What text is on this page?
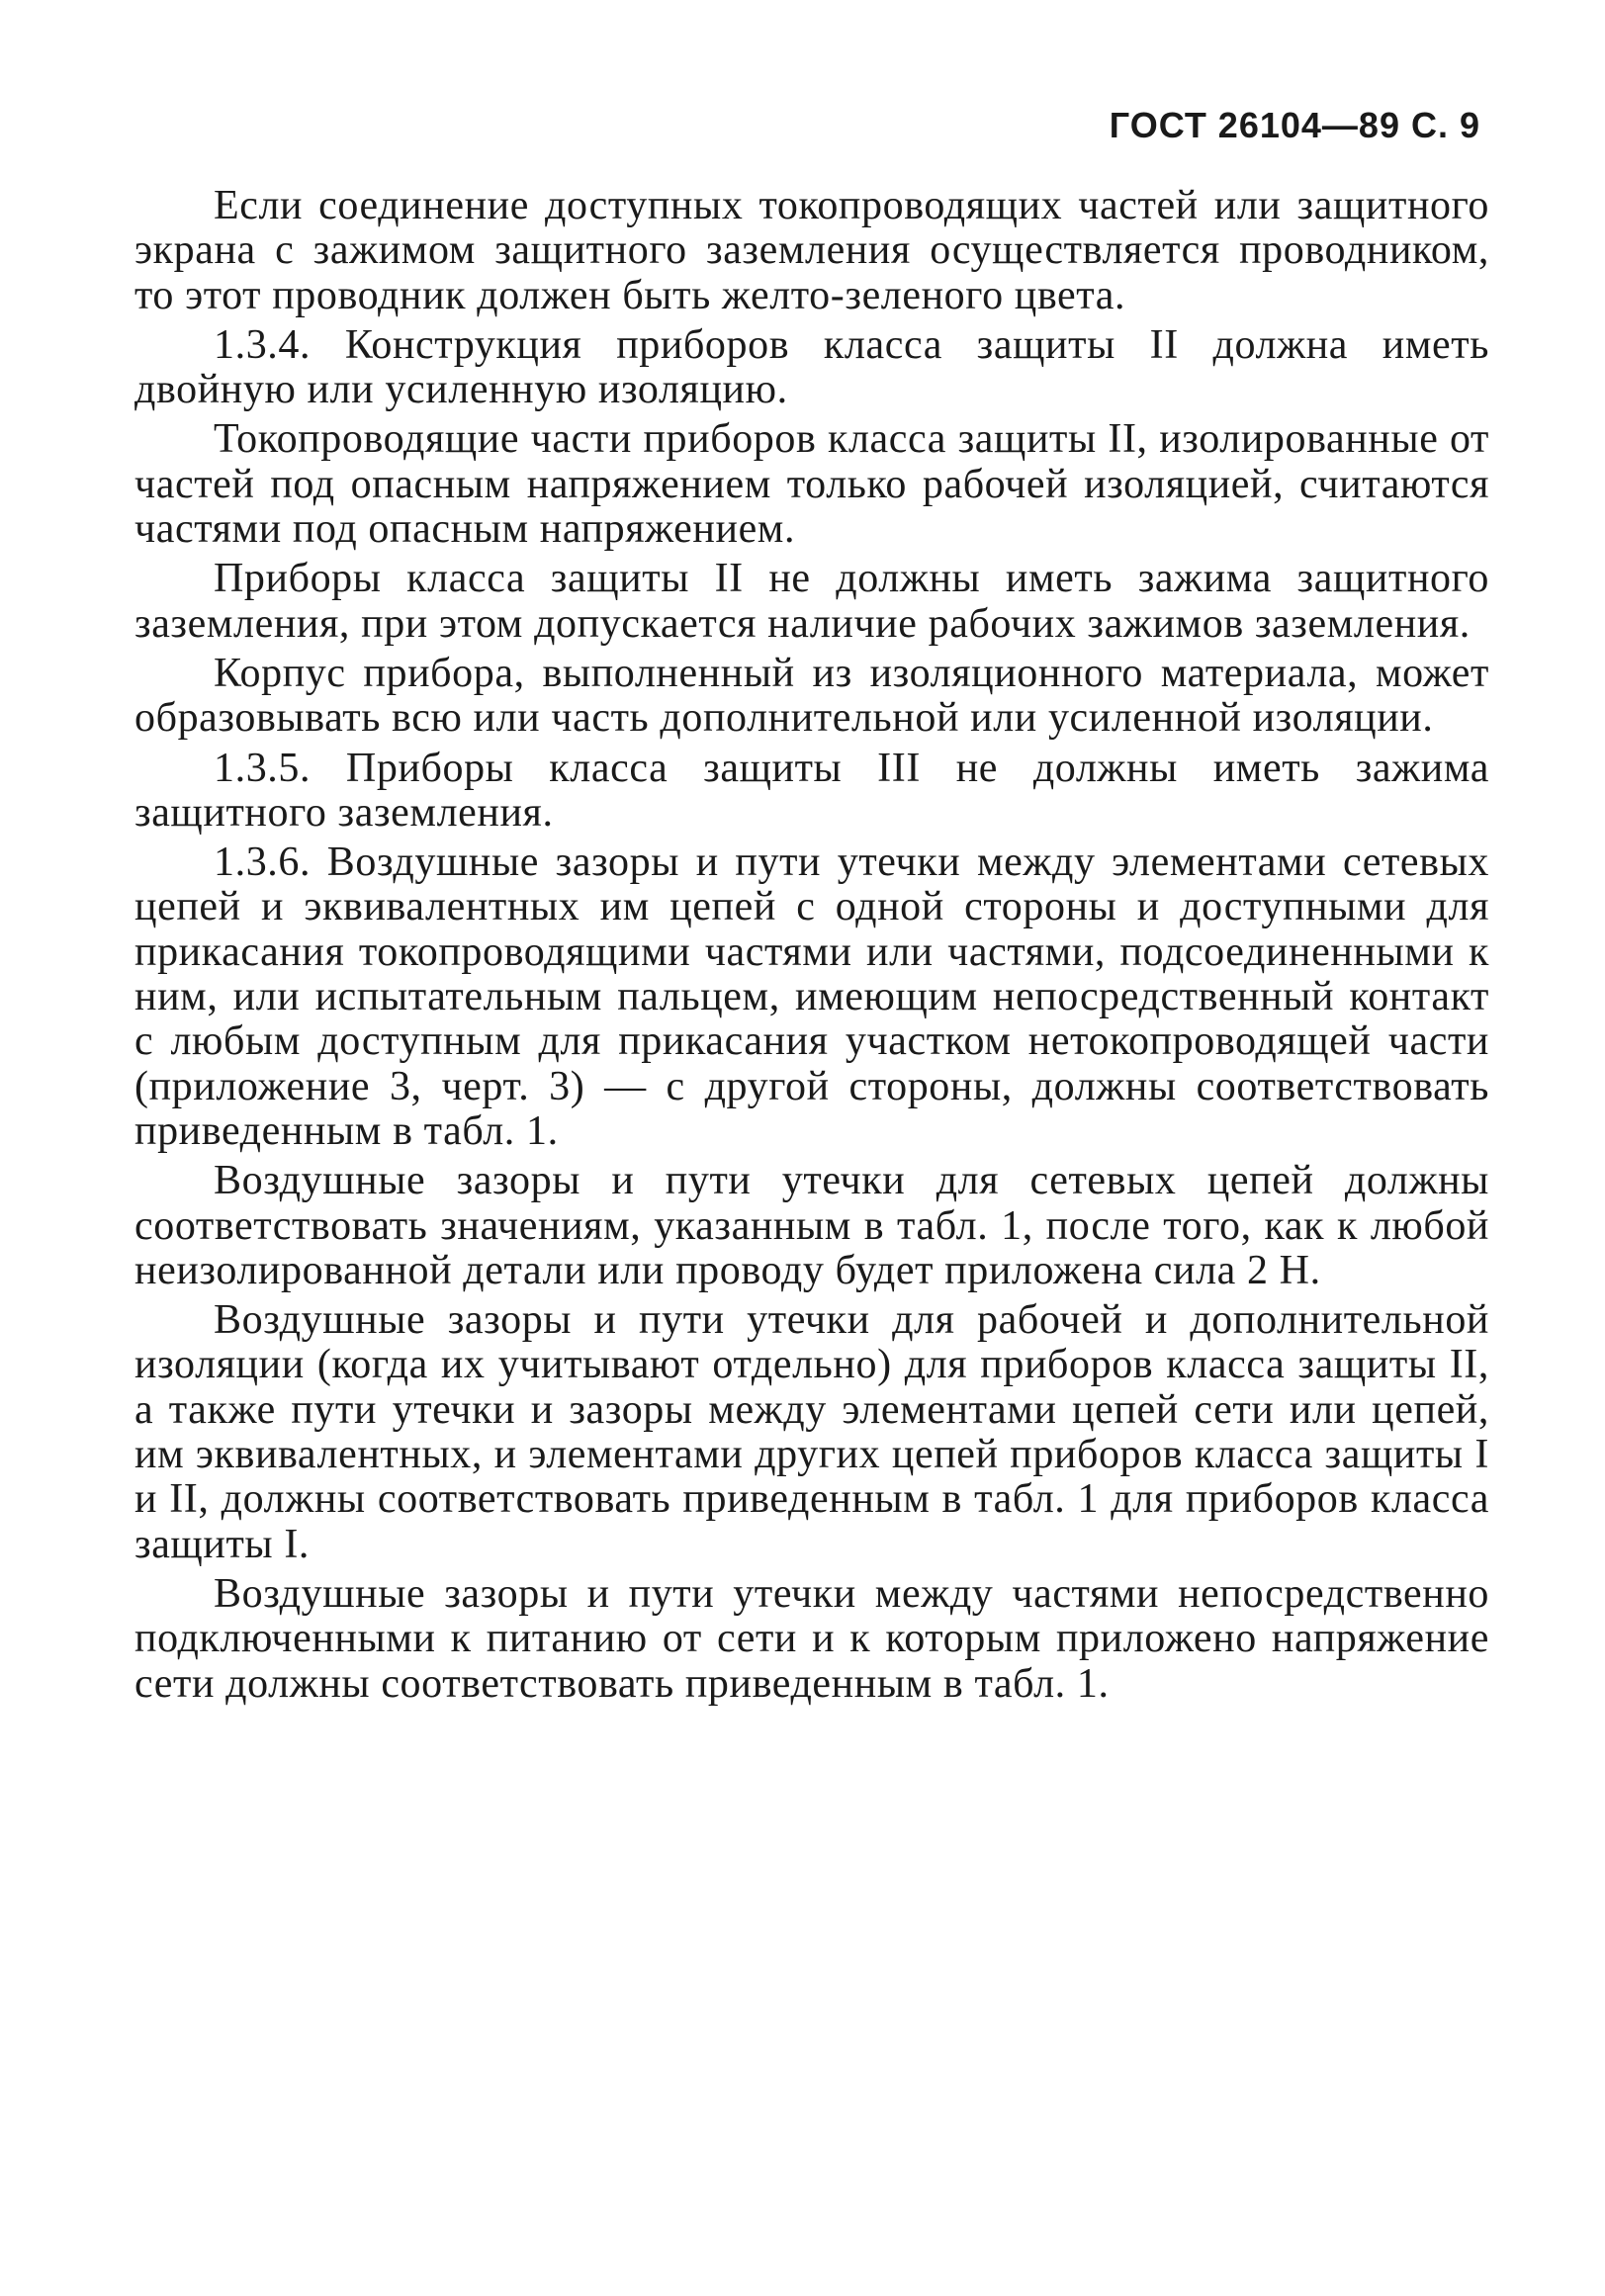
ГОСТ 26104—89 С. 9

Если соединение доступных токопроводящих частей или защитного экрана с зажимом защитного заземления осуществляется проводником, то этот проводник должен быть желто-зеленого цвета.

1.3.4. Конструкция приборов класса защиты II должна иметь двойную или усиленную изоляцию.

Токопроводящие части приборов класса защиты II, изолированные от частей под опасным напряжением только рабочей изоляцией, считаются частями под опасным напряжением.

Приборы класса защиты II не должны иметь зажима защитного заземления, при этом допускается наличие рабочих зажимов заземления.

Корпус прибора, выполненный из изоляционного материала, может образовывать всю или часть дополнительной или усиленной изоляции.

1.3.5. Приборы класса защиты III не должны иметь зажима защитного заземления.

1.3.6. Воздушные зазоры и пути утечки между элементами сетевых цепей и эквивалентных им цепей с одной стороны и доступными для прикасания токопроводящими частями или частями, подсоединенными к ним, или испытательным пальцем, имеющим непосредственный контакт с любым доступным для прикасания участком нетокопроводящей части (приложение 3, черт. 3) — с другой стороны, должны соответствовать приведенным в табл. 1.

Воздушные зазоры и пути утечки для сетевых цепей должны соответствовать значениям, указанным в табл. 1, после того, как к любой неизолированной детали или проводу будет приложена сила 2 Н.

Воздушные зазоры и пути утечки для рабочей и дополнительной изоляции (когда их учитывают отдельно) для приборов класса защиты II, а также пути утечки и зазоры между элементами цепей сети или цепей, им эквивалентных, и элементами других цепей приборов класса защиты I и II, должны соответствовать приведенным в табл. 1 для приборов класса защиты I.

Воздушные зазоры и пути утечки между частями непосредственно подключенными к питанию от сети и к которым приложено напряжение сети должны соответствовать приведенным в табл. 1.
